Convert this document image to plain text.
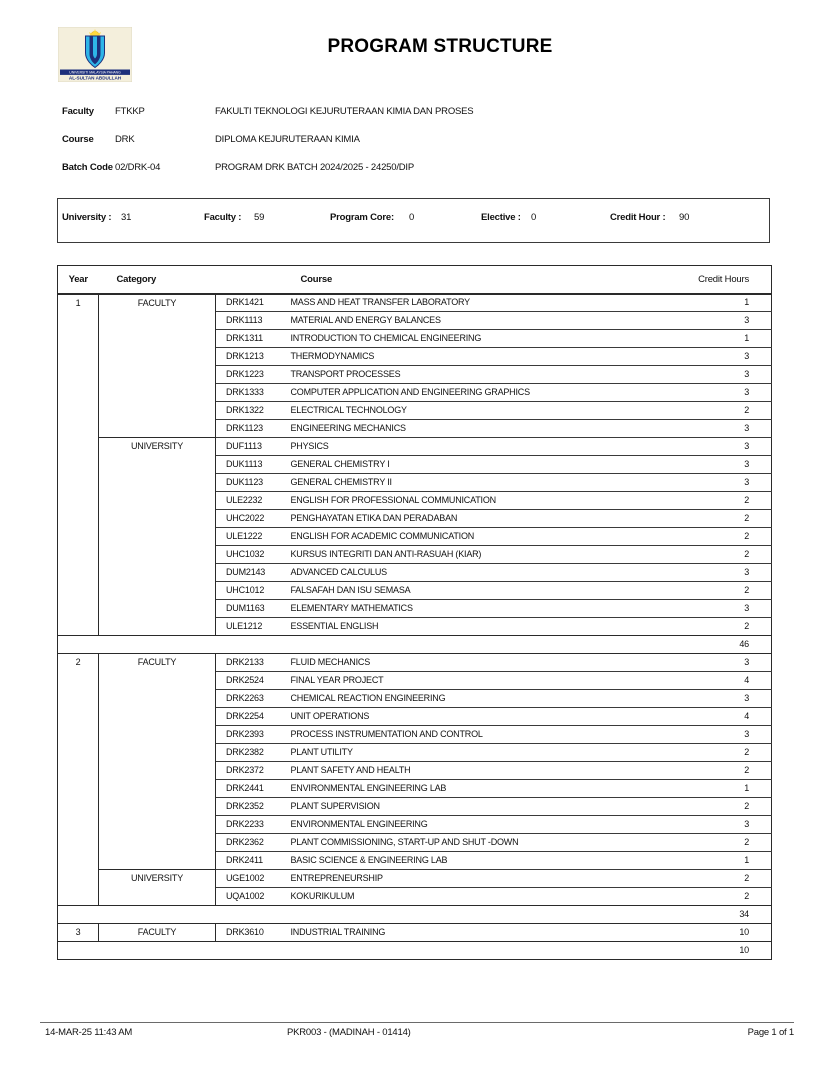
UNIVERSITI MALAYSIA PAHANG
AL-SULTAN ABDULLAH
PROGRAM STRUCTURE
Faculty	FTKKP	FAKULTI TEKNOLOGI KEJURUTERAAN KIMIA DAN PROSES
Course	DRK	DIPLOMA KEJURUTERAAN KIMIA
Batch Code 02/DRK-04	PROGRAM DRK BATCH 2024/2025 - 24250/DIP
University : 31	Faculty : 59	Program Core: 0	Elective : 0	Credit Hour : 90
Year	Category	Course		Credit Hours
1	FACULTY	DRK1421	MASS AND HEAT TRANSFER LABORATORY	1
		DRK1113	MATERIAL AND ENERGY BALANCES	3
		DRK1311	INTRODUCTION TO CHEMICAL ENGINEERING	1
		DRK1213	THERMODYNAMICS	3
		DRK1223	TRANSPORT PROCESSES	3
		DRK1333	COMPUTER APPLICATION AND ENGINEERING GRAPHICS	3
		DRK1322	ELECTRICAL TECHNOLOGY	2
		DRK1123	ENGINEERING MECHANICS	3
	UNIVERSITY	DUF1113	PHYSICS	3
		DUK1113	GENERAL CHEMISTRY I	3
		DUK1123	GENERAL CHEMISTRY II	3
		ULE2232	ENGLISH FOR PROFESSIONAL COMMUNICATION	2
		UHC2022	PENGHAYATAN ETIKA DAN PERADABAN	2
		ULE1222	ENGLISH FOR ACADEMIC COMMUNICATION	2
		UHC1032	KURSUS INTEGRITI DAN ANTI-RASUAH (KIAR)	2
		DUM2143	ADVANCED CALCULUS	3
		UHC1012	FALSAFAH DAN ISU SEMASA	2
		DUM1163	ELEMENTARY MATHEMATICS	3
		ULE1212	ESSENTIAL ENGLISH	2
46				
2	FACULTY	DRK2133	FLUID MECHANICS	3
		DRK2524	FINAL YEAR PROJECT	4
		DRK2263	CHEMICAL REACTION ENGINEERING	3
		DRK2254	UNIT OPERATIONS	4
		DRK2393	PROCESS INSTRUMENTATION AND CONTROL	3
		DRK2382	PLANT UTILITY	2
		DRK2372	PLANT SAFETY AND HEALTH	2
		DRK2441	ENVIRONMENTAL ENGINEERING LAB	1
		DRK2352	PLANT SUPERVISION	2
		DRK2233	ENVIRONMENTAL ENGINEERING	3
		DRK2362	PLANT COMMISSIONING, START-UP AND SHUT -DOWN	2
		DRK2411	BASIC SCIENCE & ENGINEERING LAB	1
	UNIVERSITY	UGE1002	ENTREPRENEURSHIP	2
		UQA1002	KOKURIKULUM	2
34				
3	FACULTY	DRK3610	INDUSTRIAL TRAINING	10
10				
14-MAR-25 11:43 AM	PKR003 - (MADINAH - 01414)	Page 1 of 1
